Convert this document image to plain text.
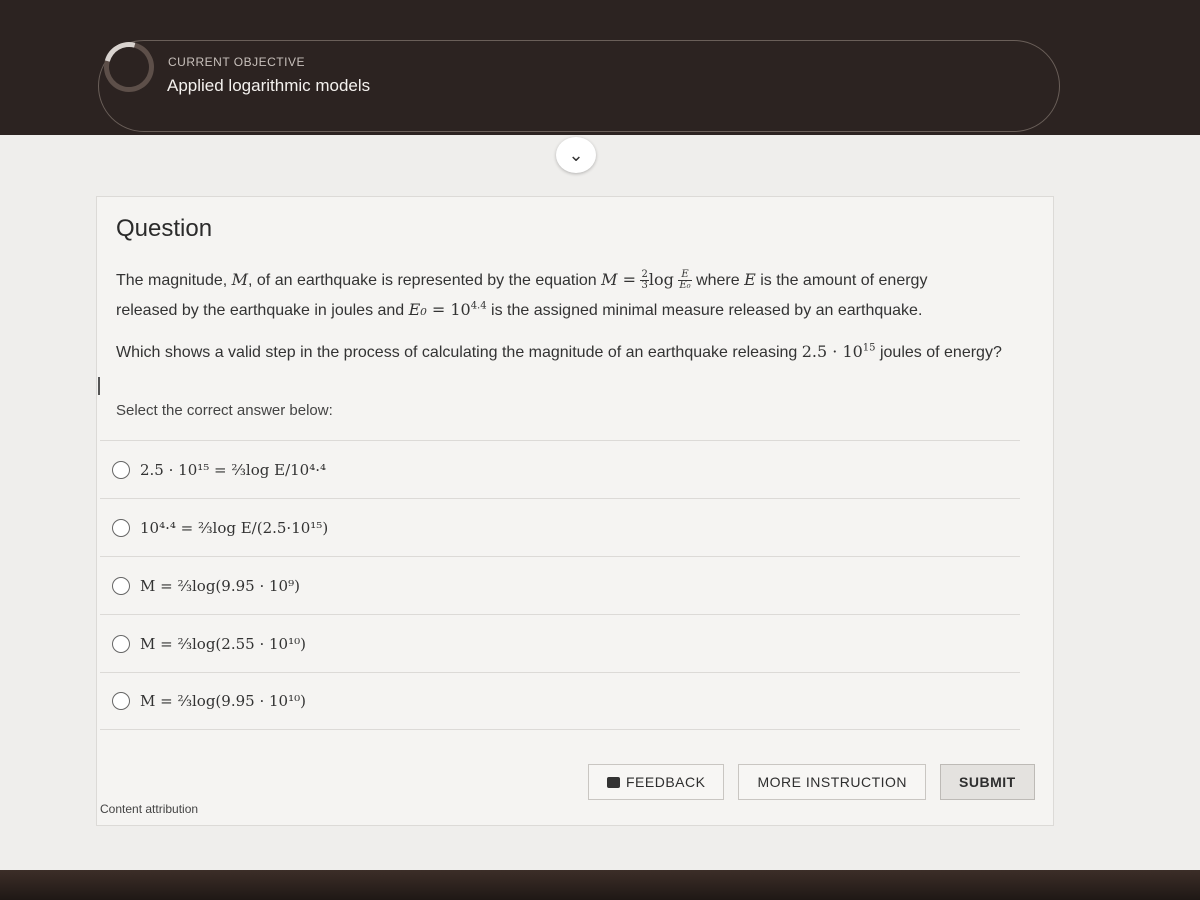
CURRENT OBJECTIVE
Applied logarithmic models
⌄
Question
The magnitude, M, of an earthquake is represented by the equation $M = \frac{2}{3}$ $\log \frac{E}{\text{E₀}}$ where E is the amount of energy
released by the earthquake in joules and $E_0 = 10^{4.4}$ is the assigned minimal measure released by an earthquake.
Which shows a valid step in the process of calculating the magnitude of an earthquake releasing $2.5 \cdot 10^{15}$ joules of energy?
Select the correct answer below:
2.5 · 10¹⁵ = ⅔log E/10⁴·⁴
10⁴·⁴ = ⅔log E/(2.5·10¹⁵)
M = ⅔log(9.95 · 10⁹)
M = ⅔log(2.55 · 10¹⁰)
M = ⅔log(9.95 · 10¹⁰)
FEEDBACK	MORE INSTRUCTION	SUBMIT
Content attribution
